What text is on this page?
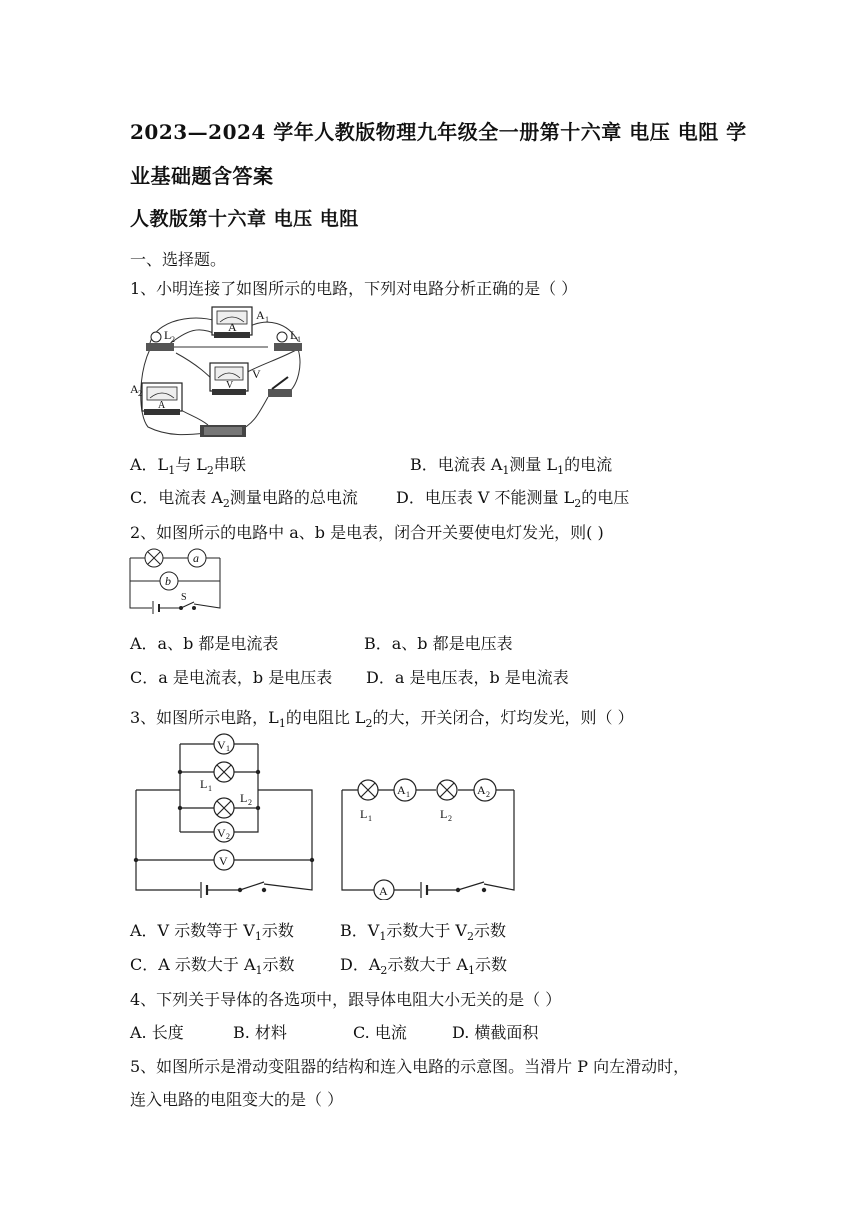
2023—2024 学年人教版物理九年级全一册第十六章 电压 电阻 学
业基础题含答案
人教版第十六章 电压 电阻
一、选择题。
1、小明连接了如图所示的电路，下列对电路分析正确的是（ ）
A
A 1
L 2	L 1
V
V
A
A 2
A．$L_1$与 $L_2$串联	B．电流表 $A_1$测量 $L_1$的电流
C．电流表 $A_2$测量电路的总电流 D．电压表 V 不能测量 $L_2$的电压
2、如图所示的电路中 a、b 是电表，闭合开关要使电灯发光，则( )
a
b
S
A．a、b 都是电流表	B．a、b 都是电压表
C．a 是电流表，b 是电压表 D．a 是电压表，b 是电流表
3、如图所示电路，$L_1$的电阻比 $L_2$的大，开关闭合，灯均发光，则（ ）
V 1
V 2
V
L 1
L 2
A 1	A 2
A
L 1	L 2
A．V 示数等于 $V_1$示数	B．$V_1$示数大于 $V_2$示数
C．A 示数大于 $A_1$示数	D．$A_2$示数大于 $A_1$示数
4、下列关于导体的各选项中，跟导体电阻大小无关的是（ ）
A. 长度	B. 材料	C. 电流	D. 横截面积
5、如图所示是滑动变阻器的结构和连入电路的示意图。当滑片 P 向左滑动时，
连入电路的电阻变大的是（ ）
